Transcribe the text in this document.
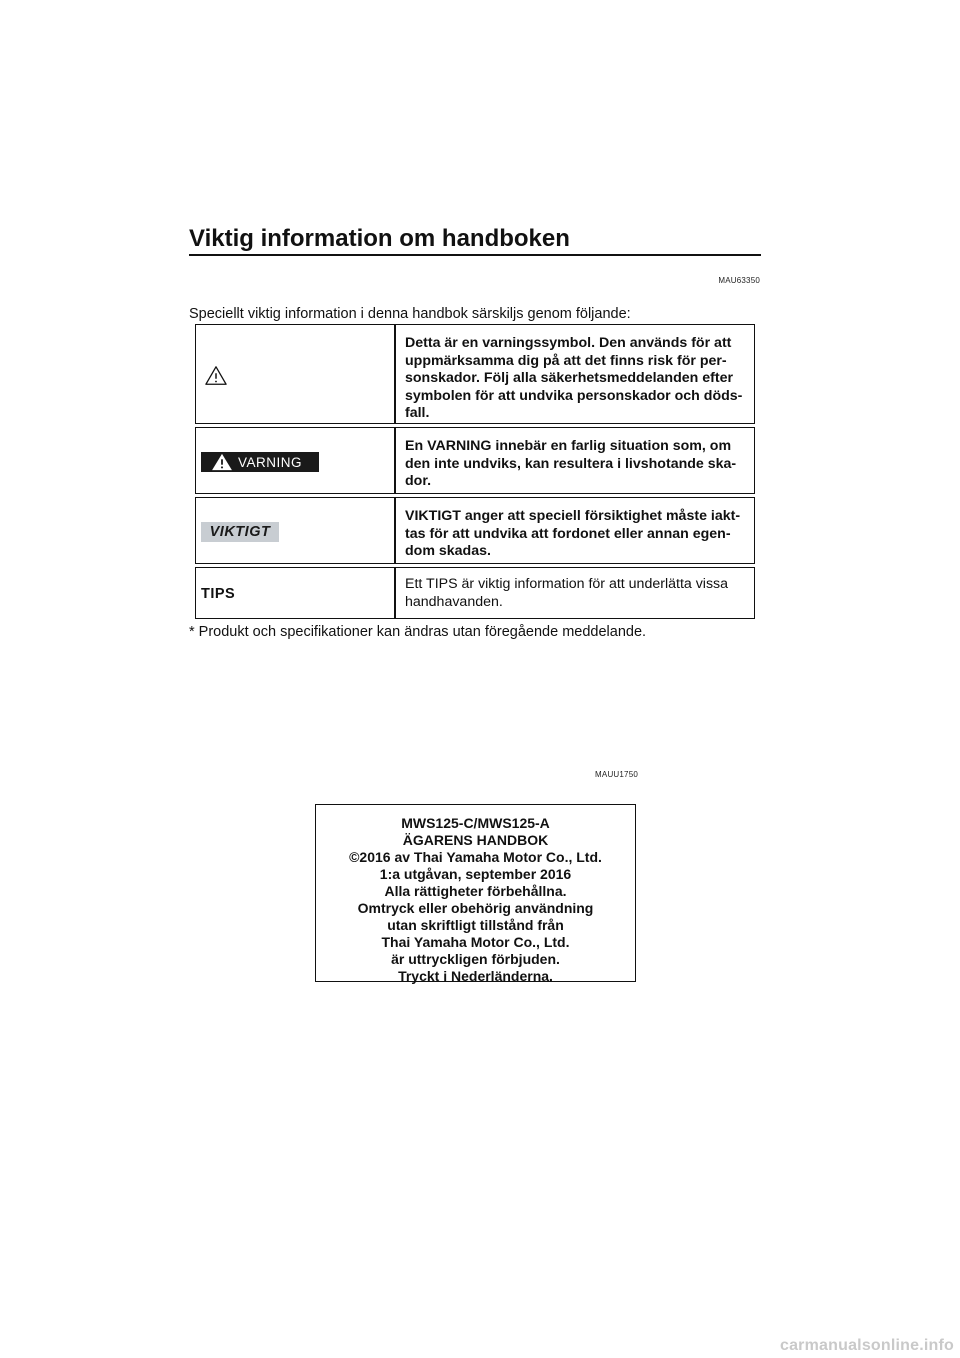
Viktig information om handboken
MAU63350
Speciellt viktig information i denna handbok särskiljs genom följande:
Detta är en varningssymbol. Den används för att uppmärksamma dig på att det finns risk för per-sonskador. Följ alla säkerhetsmeddelanden efter symbolen för att undvika personskador och döds-fall.
VARNING
En VARNING innebär en farlig situation som, om den inte undviks, kan resultera i livshotande ska-dor.
VIKTIGT
VIKTIGT anger att speciell försiktighet måste iakt-tas för att undvika att fordonet eller annan egen-dom skadas.
TIPS
Ett TIPS är viktig information för att underlätta vissa handhavanden.
* Produkt och specifikationer kan ändras utan föregående meddelande.
MAUU1750
MWS125-C/MWS125-A
ÄGARENS HANDBOK
©2016 av Thai Yamaha Motor Co., Ltd.
1:a utgåvan, september 2016
Alla rättigheter förbehållna.
Omtryck eller obehörig användning
utan skriftligt tillstånd från
Thai Yamaha Motor Co., Ltd.
är uttryckligen förbjuden.
Tryckt i Nederländerna.
carmanualsonline.info
